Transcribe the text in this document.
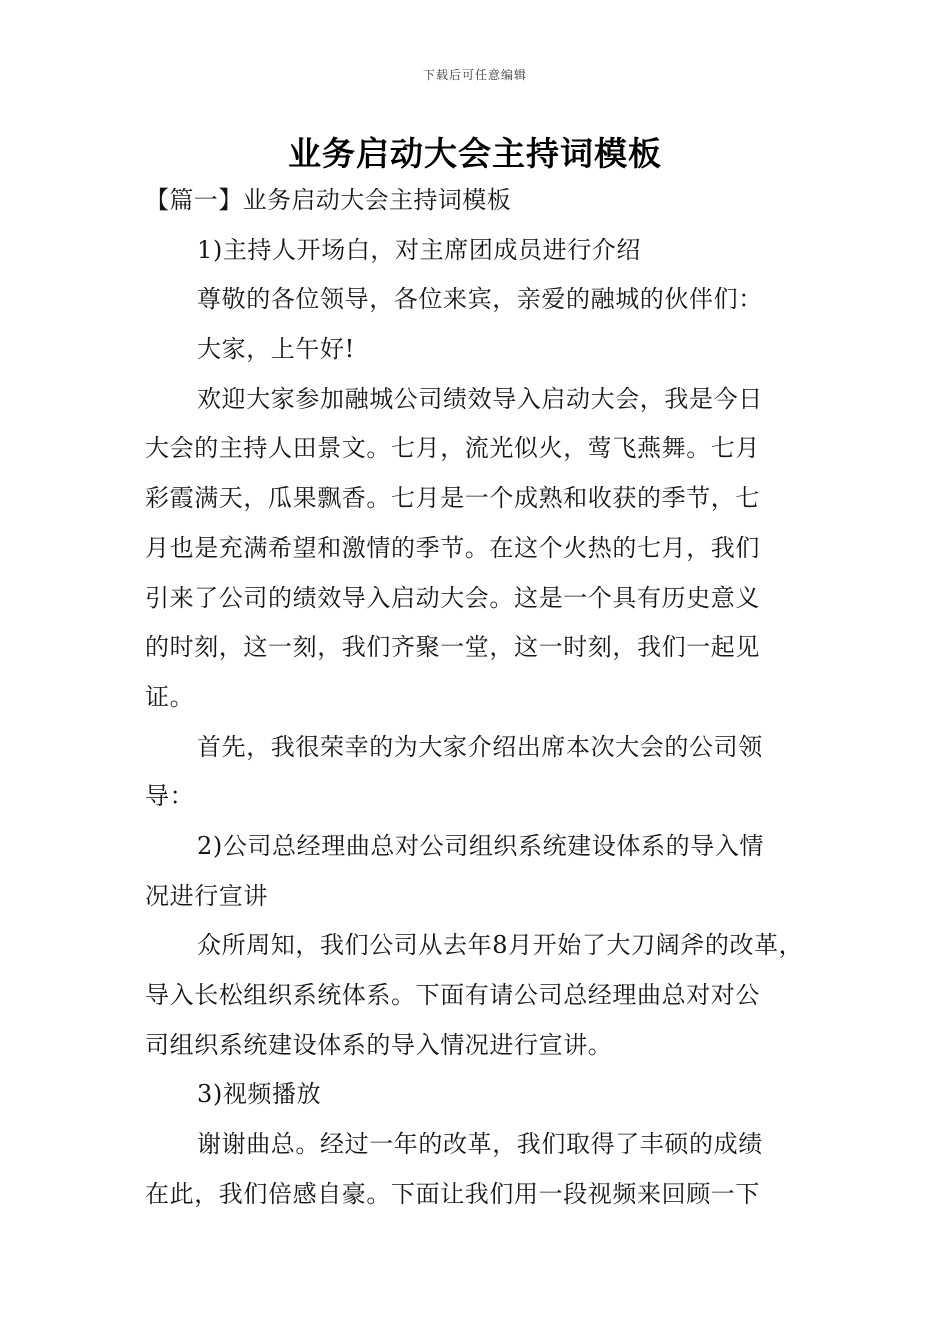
下载后可任意编辑
业务启动大会主持词模板
【篇一】业务启动大会主持词模板
1)主持人开场白，对主席团成员进行介绍
尊敬的各位领导，各位来宾，亲爱的融城的伙伴们：
大家，上午好!
欢迎大家参加融城公司绩效导入启动大会，我是今日
大会的主持人田景文。七月，流光似火，莺飞燕舞。七月
彩霞满天，瓜果飘香。七月是一个成熟和收获的季节，七
月也是充满希望和激情的季节。在这个火热的七月，我们
引来了公司的绩效导入启动大会。这是一个具有历史意义
的时刻，这一刻，我们齐聚一堂，这一时刻，我们一起见
证。
首先，我很荣幸的为大家介绍出席本次大会的公司领
导：
2)公司总经理曲总对公司组织系统建设体系的导入情
况进行宣讲
众所周知，我们公司从去年8月开始了大刀阔斧的改革，
导入长松组织系统体系。下面有请公司总经理曲总对对公
司组织系统建设体系的导入情况进行宣讲。
3)视频播放
谢谢曲总。经过一年的改革，我们取得了丰硕的成绩
在此，我们倍感自豪。下面让我们用一段视频来回顾一下
